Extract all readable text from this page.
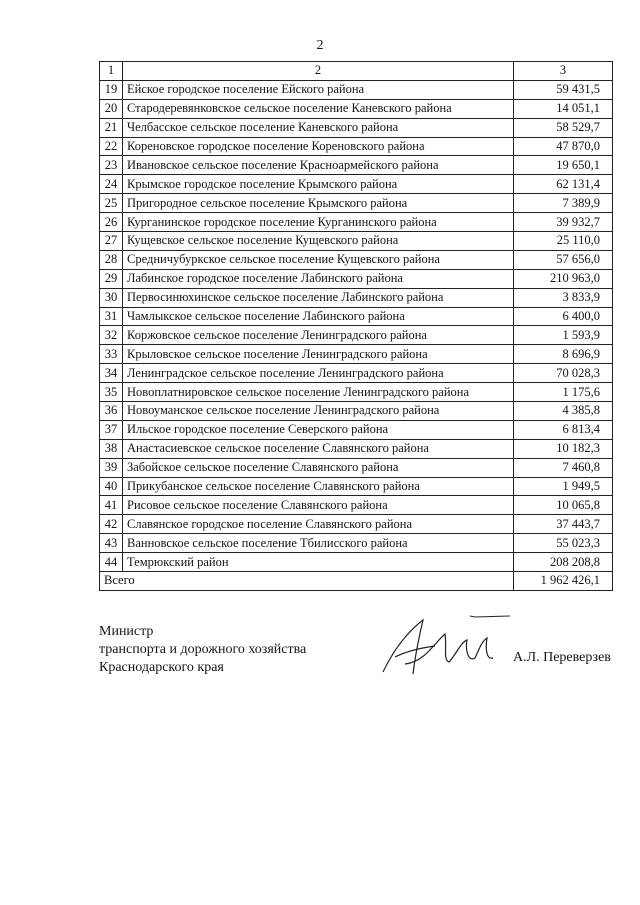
2
1	2	3
19	Ейское городское поселение Ейского района	59 431,5
20	Стародеревянковское сельское поселение Каневского района	14 051,1
21	Челбасское сельское поселение Каневского района	58 529,7
22	Кореновское городское поселение Кореновского района	47 870,0
23	Ивановское сельское поселение Красноармейского района	19 650,1
24	Крымское городское поселение Крымского района	62 131,4
25	Пригородное сельское поселение Крымского района	7 389,9
26	Курганинское городское поселение Курганинского района	39 932,7
27	Кущевское сельское поселение Кущевского района	25 110,0
28	Средничубуркское сельское поселение Кущевского района	57 656,0
29	Лабинское городское поселение Лабинского района	210 963,0
30	Первосинюхинское сельское поселение Лабинского района	3 833,9
31	Чамлыкское сельское поселение Лабинского района	6 400,0
32	Коржовское сельское поселение Ленинградского района	1 593,9
33	Крыловское сельское поселение Ленинградского района	8 696,9
34	Ленинградское сельское поселение Ленинградского района	70 028,3
35	Новоплатнировское сельское поселение Ленинградского района	1 175,6
36	Новоуманское сельское поселение Ленинградского района	4 385,8
37	Ильское городское поселение Северского района	6 813,4
38	Анастасиевское сельское поселение Славянского района	10 182,3
39	Забойское сельское поселение Славянского района	7 460,8
40	Прикубанское сельское поселение Славянского района	1 949,5
41	Рисовое сельское поселение Славянского района	10 065,8
42	Славянское городское поселение Славянского района	37 443,7
43	Ванновское сельское поселение Тбилисского района	55 023,3
44	Темрюкский район	208 208,8
Всего		1 962 426,1
Министр
транспорта и дорожного хозяйства
Краснодарского края
А.Л. Переверзев
